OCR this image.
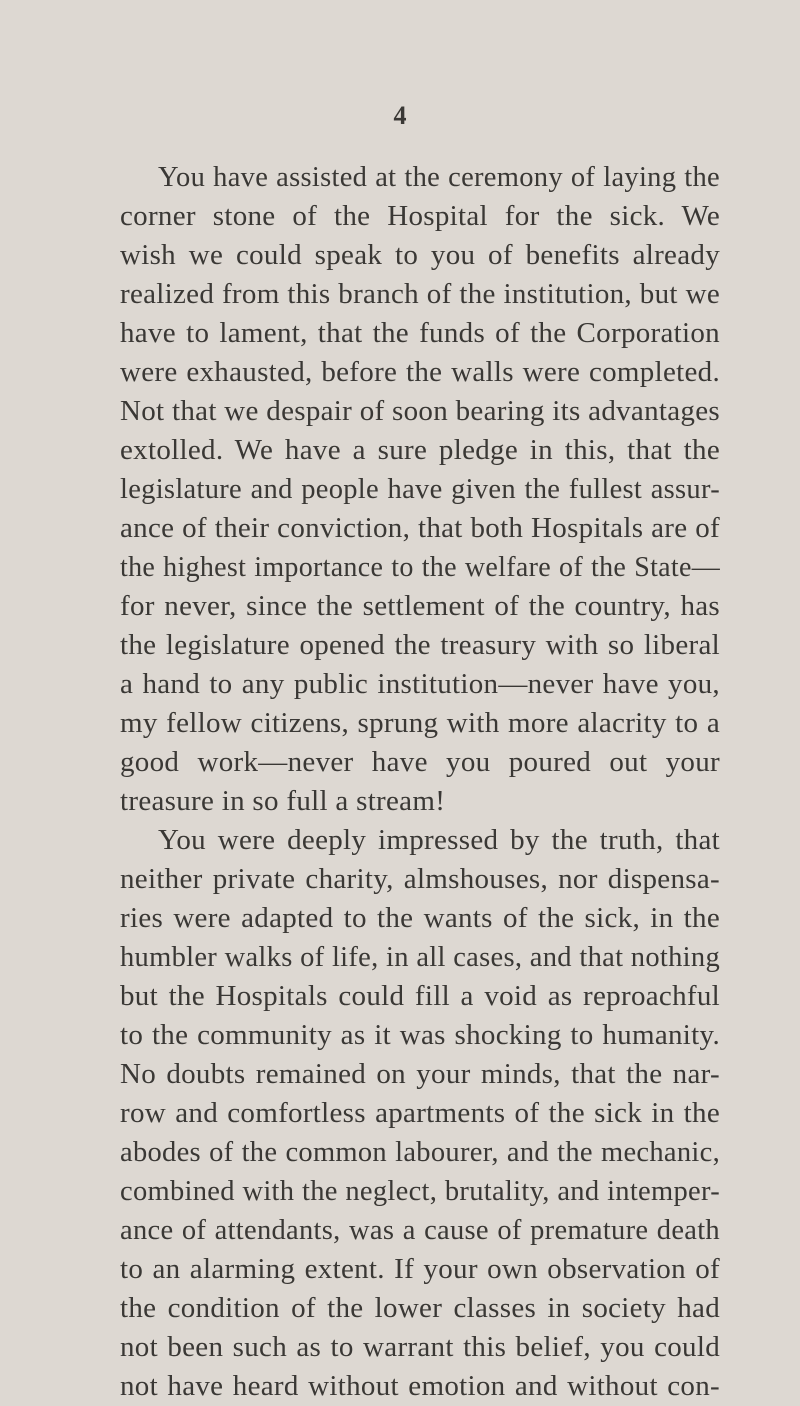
4
You have assisted at the ceremony of laying the
corner stone of the Hospital for the sick. We
wish we could speak to you of benefits already
realized from this branch of the institution, but we
have to lament, that the funds of the Corporation
were exhausted, before the walls were completed.
Not that we despair of soon bearing its advantages
extolled. We have a sure pledge in this, that the
legislature and people have given the fullest assur-
ance of their conviction, that both Hospitals are of
the highest importance to the welfare of the State—
for never, since the settlement of the country, has
the legislature opened the treasury with so liberal
a hand to any public institution—never have you,
my fellow citizens, sprung with more alacrity to a
good work—never have you poured out your
treasure in so full a stream!
You were deeply impressed by the truth, that
neither private charity, almshouses, nor dispensa-
ries were adapted to the wants of the sick, in the
humbler walks of life, in all cases, and that nothing
but the Hospitals could fill a void as reproachful
to the community as it was shocking to humanity.
No doubts remained on your minds, that the nar-
row and comfortless apartments of the sick in the
abodes of the common labourer, and the mechanic,
combined with the neglect, brutality, and intemper-
ance of attendants, was a cause of premature death
to an alarming extent. If your own observation of
the condition of the lower classes in society had
not been such as to warrant this belief, you could
not have heard without emotion and without con-
